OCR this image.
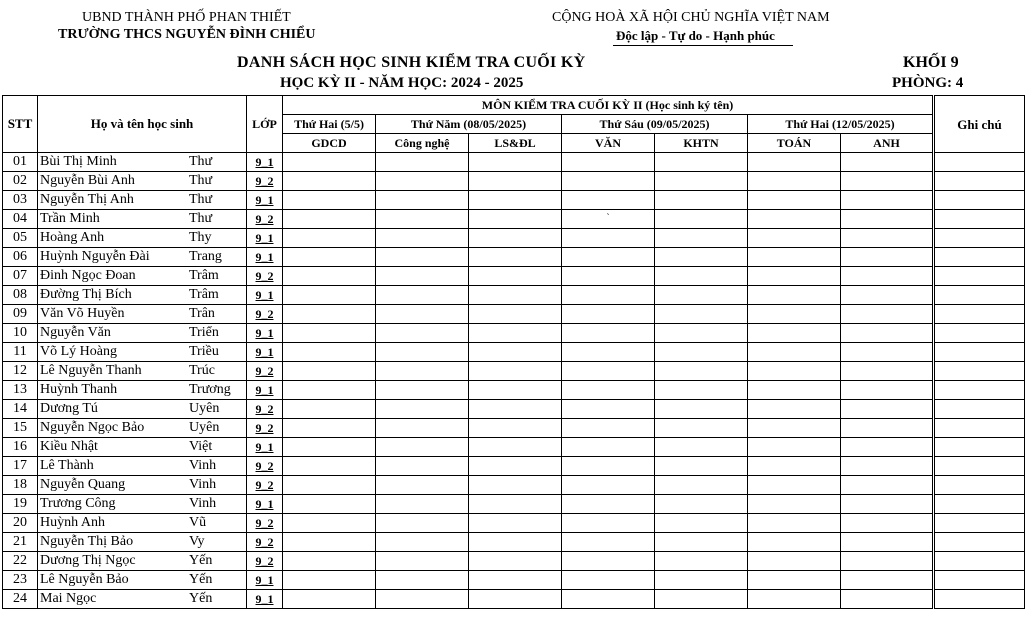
UBND THÀNH PHỐ PHAN THIẾT
TRƯỜNG THCS NGUYỄN ĐÌNH CHIỂU
CỘNG HOÀ XÃ HỘI CHỦ NGHĨA VIỆT NAM
Độc lập - Tự do - Hạnh phúc
DANH SÁCH HỌC SINH KIỂM TRA CUỐI KỲ
HỌC KỲ II - NĂM HỌC: 2024 - 2025
KHỐI 9
PHÒNG: 4
STT	Họ và tên học sinh	LỚP	MÔN KIỂM TRA CUỐI KỲ II (Học sinh ký tên)							Ghi chú
			Thứ Hai (5/5)	Thứ Năm (08/05/2025)		Thứ Sáu (09/05/2025)		Thứ Hai (12/05/2025)		
			GDCD	Công nghệ	LS&ĐL	VĂN	KHTN	TOÁN	ANH	
01	Bùi Thị Minh Thư	9_1								
02	Nguyễn Bùi Anh Thư	9_2								
03	Nguyễn Thị Anh Thư	9_1								
04	Trần Minh Thư	9_2				`				

05	Hoàng Anh Thy	9_1								
06	Huỳnh Nguyễn Đài Trang	9_1								
07	Đinh Ngọc Đoan Trâm	9_2								
08	Đường Thị Bích Trâm	9_1								
09	Văn Võ Huyền Trân	9_2								
10	Nguyễn Văn Triển	9_1								
11	Võ Lý Hoàng Triều	9_1								
12	Lê Nguyễn Thanh Trúc	9_2								
13	Huỳnh Thanh Trương	9_1								
14	Dương Tú Uyên	9_2								
15	Nguyễn Ngọc Bảo Uyên	9_2								
16	Kiều Nhật Việt	9_1								
17	Lê Thành Vinh	9_2								
18	Nguyễn Quang Vinh	9_2								
19	Trương Công Vinh	9_1								
20	Huỳnh Anh Vũ	9_2								
21	Nguyễn Thị Bảo Vy	9_2								
22	Dương Thị Ngọc Yến	9_2								
23	Lê Nguyễn Bảo Yến	9_1								
24	Mai Ngọc Yến	9_1								
